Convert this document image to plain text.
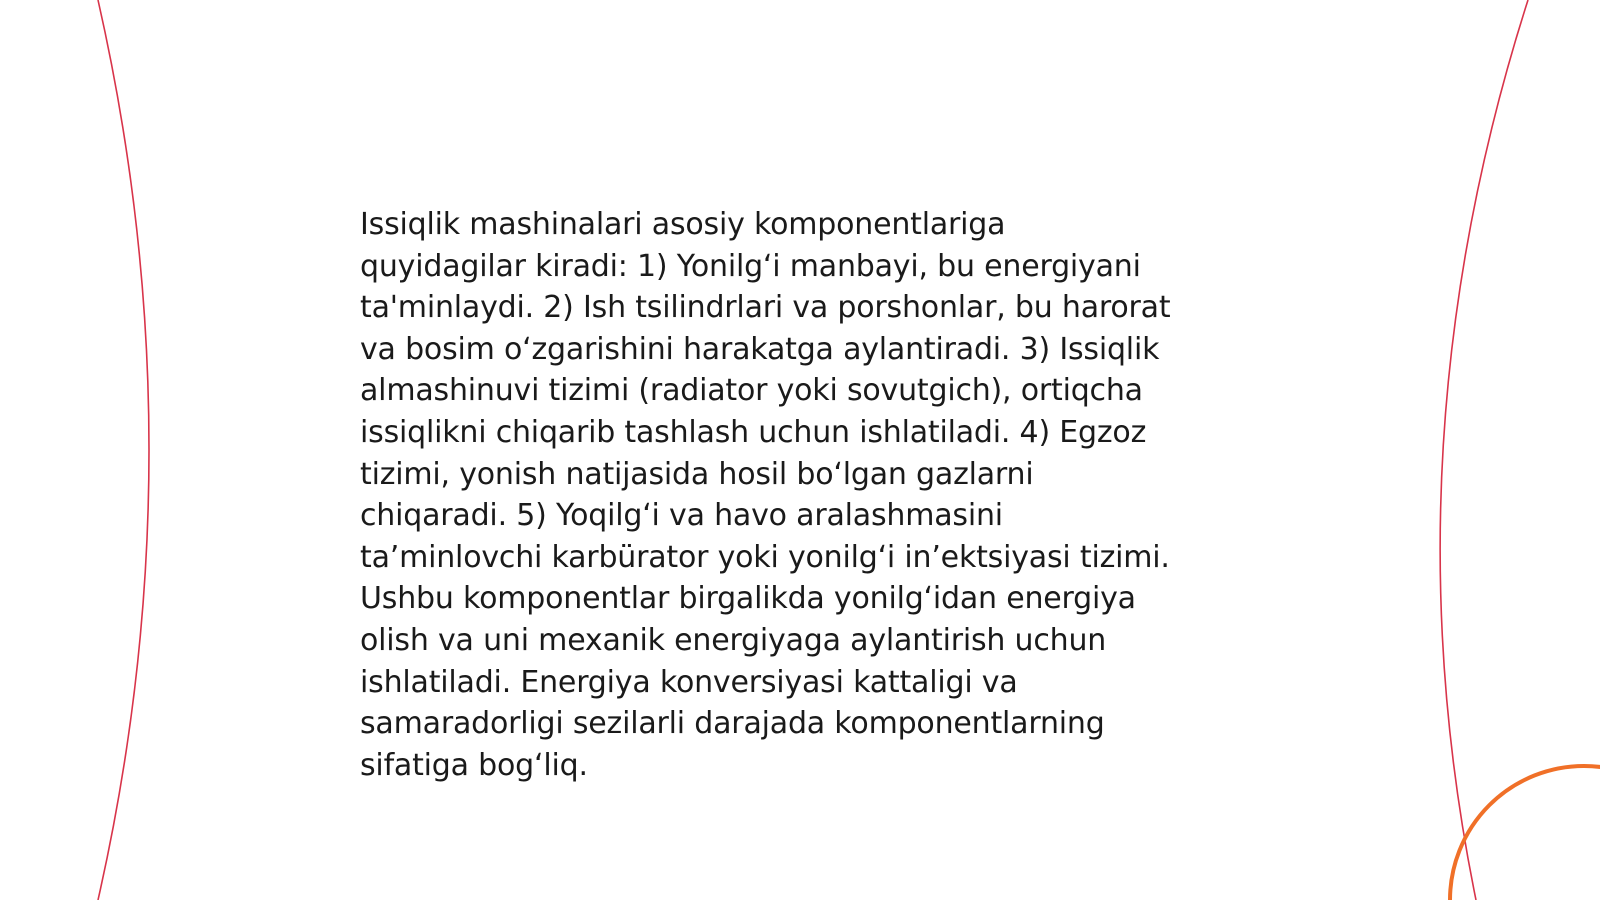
Issiqlik mashinalari asosiy komponentlariga
quyidagilar kiradi: 1) Yonilg‘i manbayi, bu energiyani
ta'minlaydi. 2) Ish tsilindrlari va porshonlar, bu harorat
va bosim o‘zgarishini harakatga aylantiradi. 3) Issiqlik
almashinuvi tizimi (radiator yoki sovutgich), ortiqcha
issiqlikni chiqarib tashlash uchun ishlatiladi. 4) Egzoz
tizimi, yonish natijasida hosil bo‘lgan gazlarni
chiqaradi. 5) Yoqilg‘i va havo aralashmasini
ta’minlovchi karbürator yoki yonilg‘i in’ektsiyasi tizimi.
Ushbu komponentlar birgalikda yonilg‘idan energiya
olish va uni mexanik energiyaga aylantirish uchun
ishlatiladi. Energiya konversiyasi kattaligi va
samaradorligi sezilarli darajada komponentlarning
sifatiga bog‘liq.
